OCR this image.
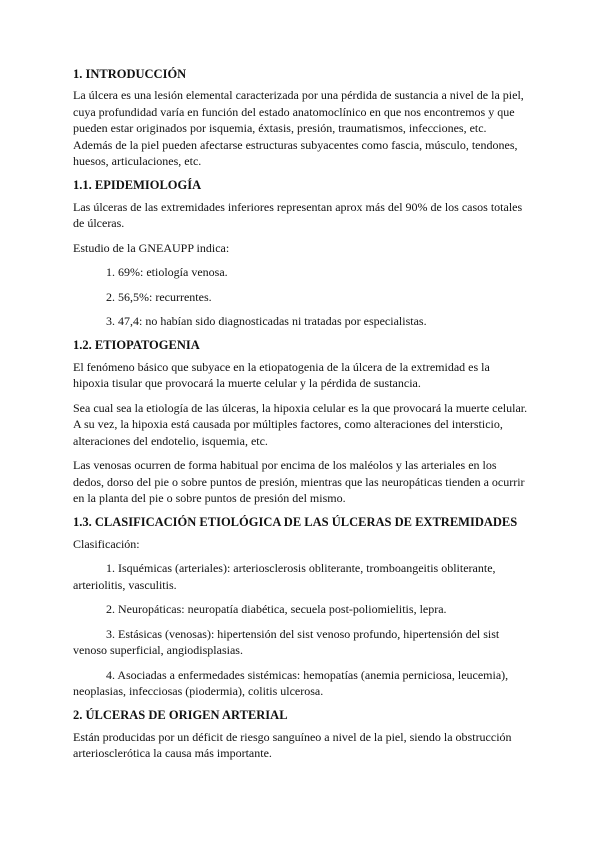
1. INTRODUCCIÓN

La úlcera es una lesión elemental caracterizada por una pérdida de sustancia a nivel de la piel, cuya profundidad varía en función del estado anatomoclínico en que nos encontremos y que pueden estar originados por isquemia, éxtasis, presión, traumatismos, infecciones, etc.

Además de la piel pueden afectarse estructuras subyacentes como fascia, músculo, tendones, huesos, articulaciones, etc.

1.1. EPIDEMIOLOGÍA

Las úlceras de las extremidades inferiores representan aprox más del 90% de los casos totales de úlceras.

Estudio de la GNEAUPP indica:

1. 69%: etiología venosa.

2. 56,5%: recurrentes.

3. 47,4: no habían sido diagnosticadas ni tratadas por especialistas.

1.2. ETIOPATOGENIA

El fenómeno básico que subyace en la etiopatogenia de la úlcera de la extremidad es la hipoxia tisular que provocará la muerte celular y la pérdida de sustancia.

Sea cual sea la etiología de las úlceras, la hipoxia celular es la que provocará la muerte celular. A su vez, la hipoxia está causada por múltiples factores, como alteraciones del intersticio, alteraciones del endotelio, isquemia, etc.

Las venosas ocurren de forma habitual por encima de los maléolos y las arteriales en los dedos, dorso del pie o sobre puntos de presión, mientras que las neuropáticas tienden a ocurrir en la planta del pie o sobre puntos de presión del mismo.

1.3. CLASIFICACIÓN ETIOLÓGICA DE LAS ÚLCERAS DE EXTREMIDADES

Clasificación:

1. Isquémicas (arteriales): arteriosclerosis obliterante, tromboangeitis obliterante, arteriolitis, vasculitis.

2. Neuropáticas: neuropatía diabética, secuela post-poliomielitis, lepra.

3. Estásicas (venosas): hipertensión del sist venoso profundo, hipertensión del sist venoso superficial, angiodisplasias.

4. Asociadas a enfermedades sistémicas: hemopatías (anemia perniciosa, leucemia), neoplasias, infecciosas (piodermia), colitis ulcerosa.

2. ÚLCERAS DE ORIGEN ARTERIAL

Están producidas por un déficit de riesgo sanguíneo a nivel de la piel, siendo la obstrucción arteriosclerótica la causa más importante.
